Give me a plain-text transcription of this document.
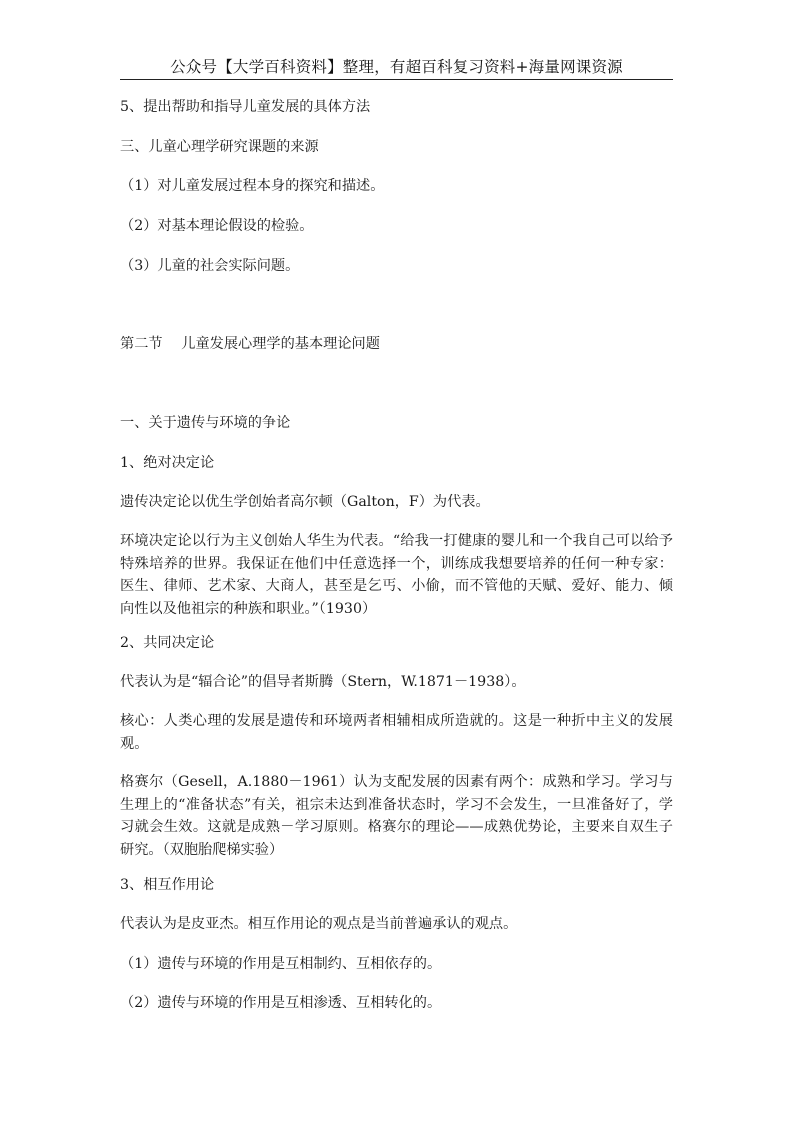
公众号【大学百科资料】整理，有超百科复习资料+海量网课资源

5、提出帮助和指导儿童发展的具体方法

三、儿童心理学研究课题的来源

（1）对儿童发展过程本身的探究和描述。

（2）对基本理论假设的检验。

（3）儿童的社会实际问题。

第二节　 儿童发展心理学的基本理论问题

一、关于遗传与环境的争论

1、绝对决定论

遗传决定论以优生学创始者高尔顿（Galton，F）为代表。

环境决定论以行为主义创始人华生为代表。“给我一打健康的婴儿和一个我自己可以给予特殊培养的世界。我保证在他们中任意选择一个，训练成我想要培养的任何一种专家：医生、律师、艺术家、大商人，甚至是乞丐、小偷，而不管他的天赋、爱好、能力、倾向性以及他祖宗的种族和职业。”（1930）

2、共同决定论

代表认为是“辐合论”的倡导者斯腾（Stern，W.1871－1938）。

核心：人类心理的发展是遗传和环境两者相辅相成所造就的。这是一种折中主义的发展观。

格赛尔（Gesell，A.1880－1961）认为支配发展的因素有两个：成熟和学习。学习与生理上的“准备状态”有关，祖宗未达到准备状态时，学习不会发生，一旦准备好了，学习就会生效。这就是成熟－学习原则。格赛尔的理论——成熟优势论，主要来自双生子研究。（双胞胎爬梯实验）

3、相互作用论

代表认为是皮亚杰。相互作用论的观点是当前普遍承认的观点。

（1）遗传与环境的作用是互相制约、互相依存的。

（2）遗传与环境的作用是互相渗透、互相转化的。
